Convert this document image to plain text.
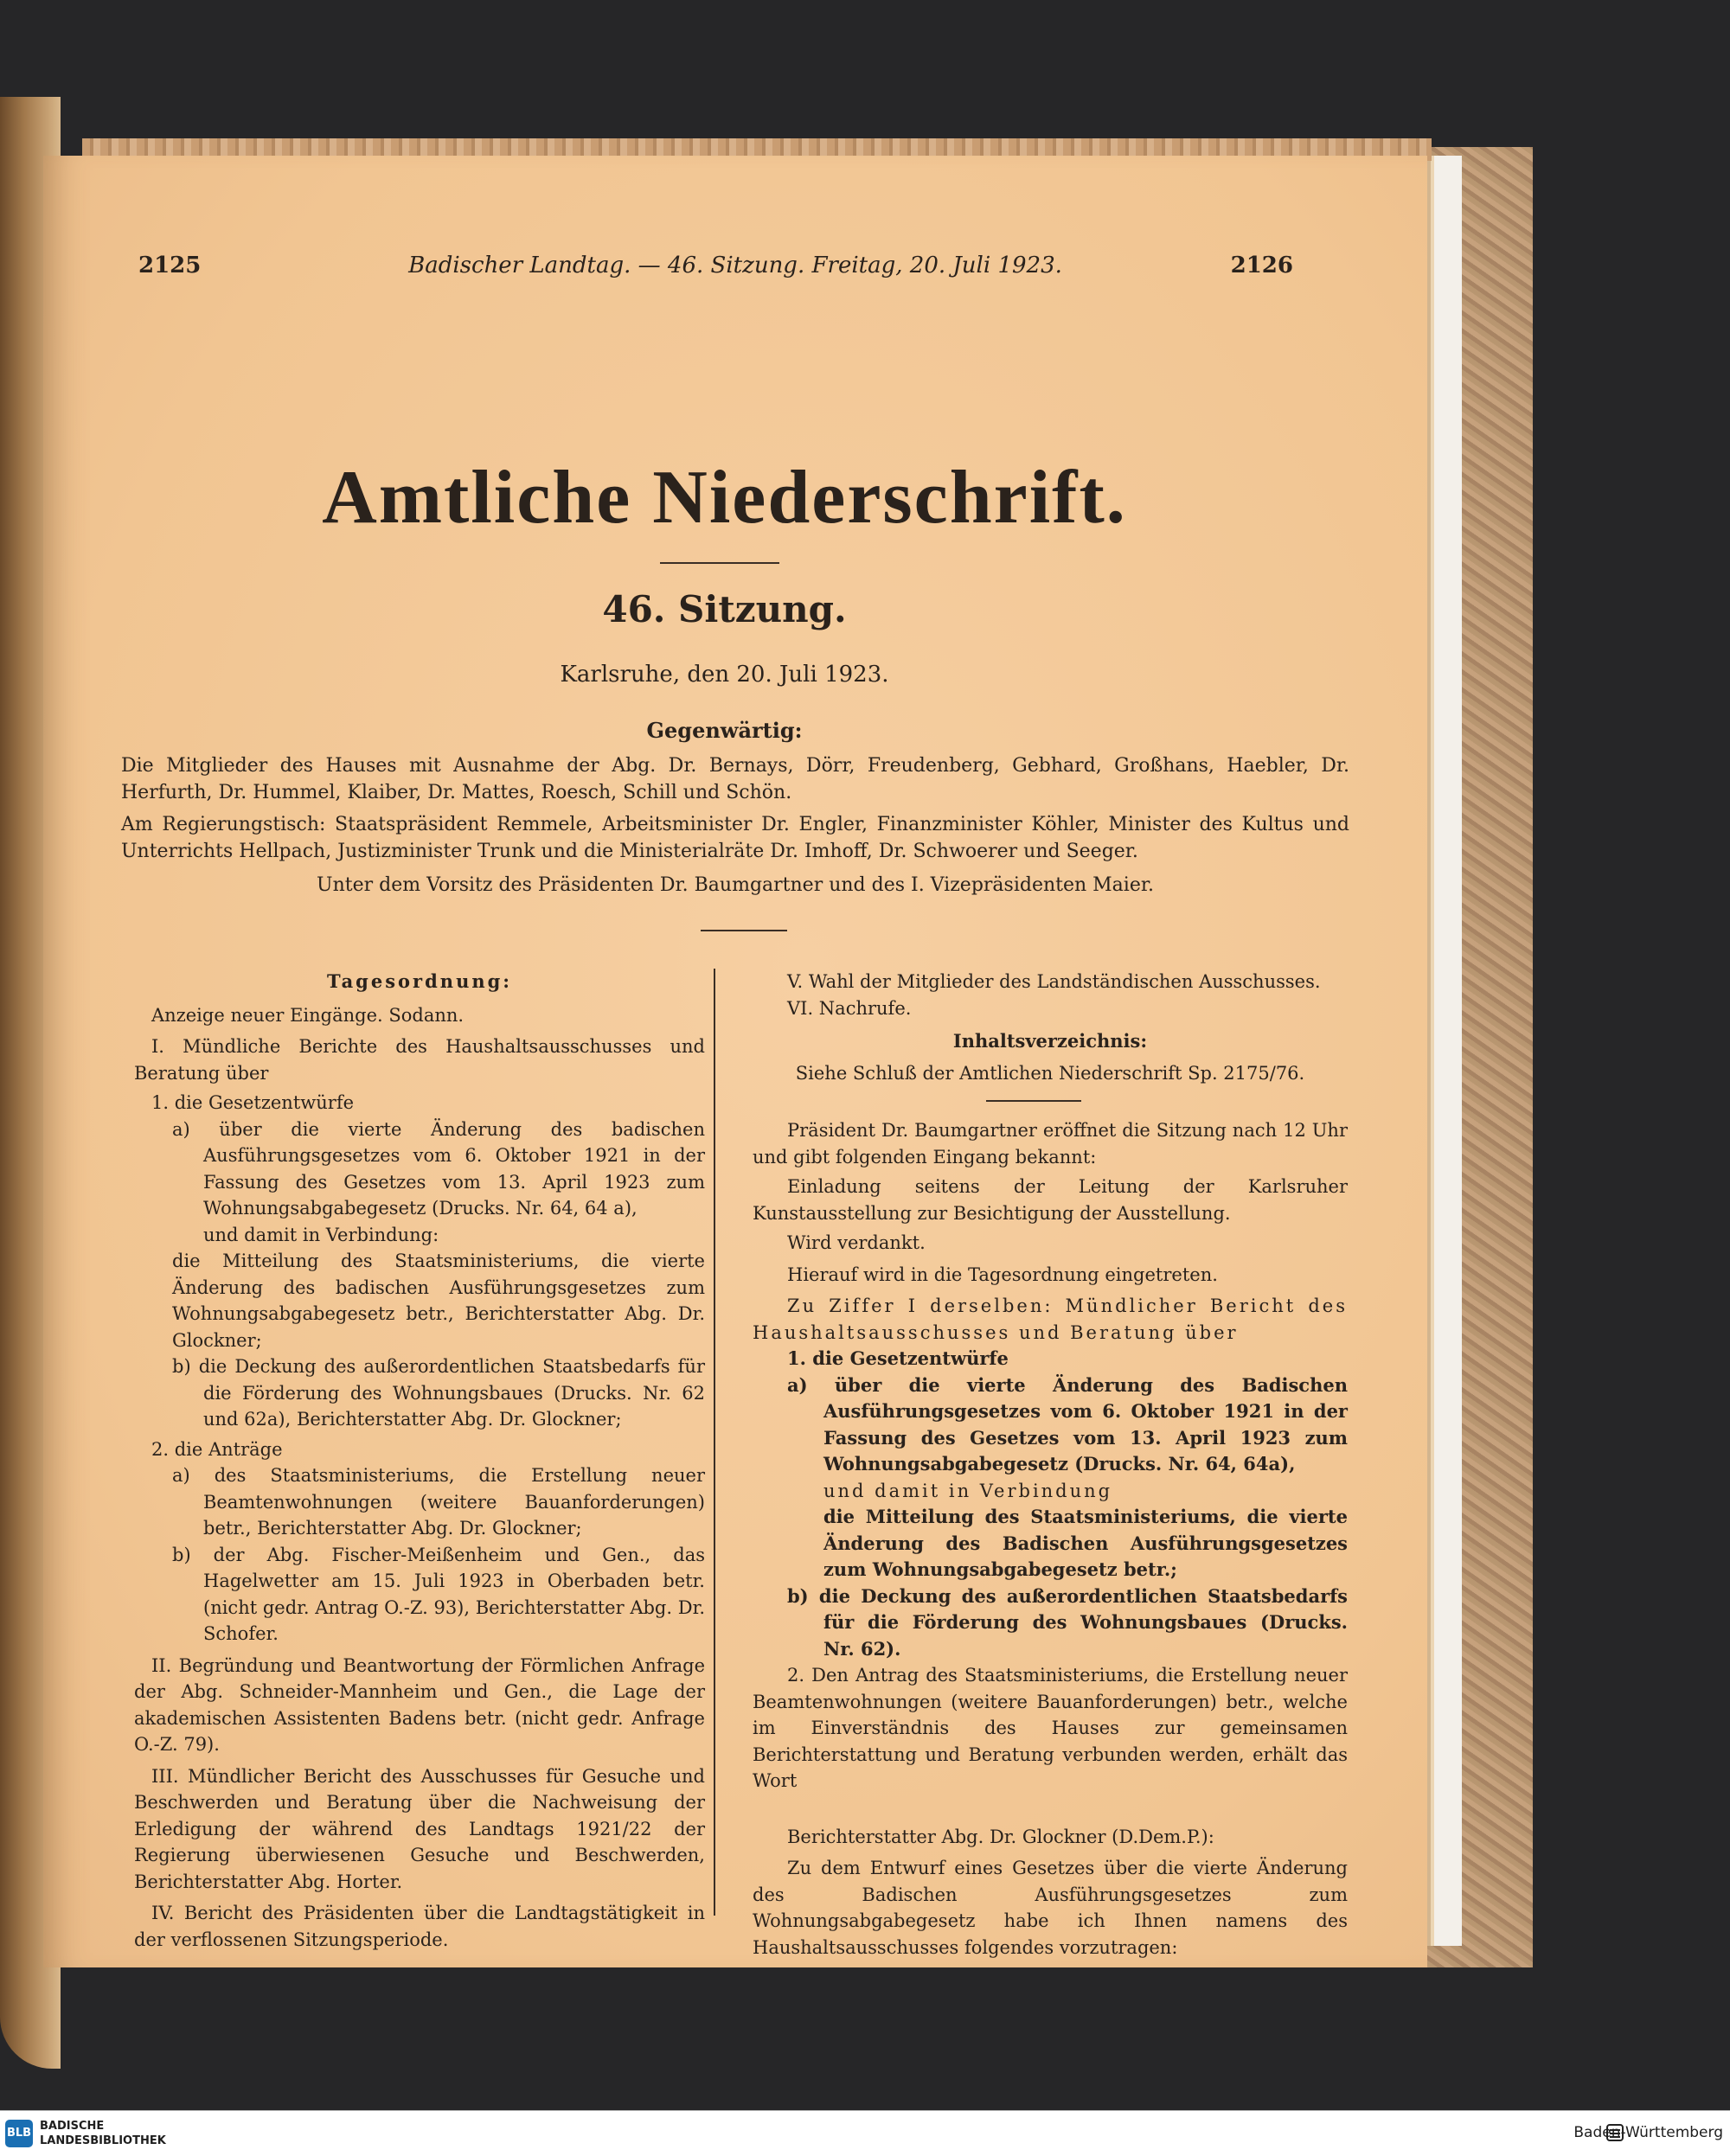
2125	Badischer Landtag. — 46. Sitzung. Freitag, 20. Juli 1923.	2126
Amtliche Niederschrift.
46. Sitzung.
Karlsruhe, den 20. Juli 1923.
Gegenwärtig:
Die Mitglieder des Hauses mit Ausnahme der Abg. Dr. Bernays, Dörr, Freudenberg, Gebhard, Großhans, Haebler, Dr. Herfurth, Dr. Hummel, Klaiber, Dr. Mattes, Roesch, Schill und Schön.
Am Regierungstisch: Staatspräsident Remmele, Arbeitsminister Dr. Engler, Finanzminister Köhler, Minister des Kultus und Unterrichts Hellpach, Justizminister Trunk und die Ministerialräte Dr. Imhoff, Dr. Schwoerer und Seeger.
Unter dem Vorsitz des Präsidenten Dr. Baumgartner und des I. Vizepräsidenten Maier.

Tagesordnung:

Anzeige neuer Eingänge. Sodann.

I. Mündliche Berichte des Haushaltsausschusses und Beratung über

1. die Gesetzentwürfe

a) über die vierte Änderung des badischen Ausführungsgesetzes vom 6. Oktober 1921 in der Fassung des Gesetzes vom 13. April 1923 zum Wohnungsabgabegesetz (Drucks. Nr. 64, 64 a),

und damit in Verbindung:

die Mitteilung des Staatsministeriums, die vierte Änderung des badischen Ausführungsgesetzes zum Wohnungsabgabegesetz betr., Berichterstatter Abg. Dr. Glockner;

b) die Deckung des außerordentlichen Staatsbedarfs für die Förderung des Wohnungsbaues (Drucks. Nr. 62 und 62a), Berichterstatter Abg. Dr. Glockner;

2. die Anträge

a) des Staatsministeriums, die Erstellung neuer Beamtenwohnungen (weitere Bauanforderungen) betr., Berichterstatter Abg. Dr. Glockner;

b) der Abg. Fischer-Meißenheim und Gen., das Hagelwetter am 15. Juli 1923 in Oberbaden betr. (nicht gedr. Antrag O.-Z. 93), Berichterstatter Abg. Dr. Schofer.

II. Begründung und Beantwortung der Förmlichen Anfrage der Abg. Schneider-Mannheim und Gen., die Lage der akademischen Assistenten Badens betr. (nicht gedr. Anfrage O.-Z. 79).

III. Mündlicher Bericht des Ausschusses für Gesuche und Beschwerden und Beratung über die Nachweisung der Erledigung der während des Landtags 1921/22 der Regierung überwiesenen Gesuche und Beschwerden, Berichterstatter Abg. Horter.

IV. Bericht des Präsidenten über die Landtagstätigkeit in der verflossenen Sitzungsperiode.

V. Wahl der Mitglieder des Landständischen Ausschusses.

VI. Nachrufe.

Inhaltsverzeichnis:

Siehe Schluß der Amtlichen Niederschrift Sp. 2175/76.

Präsident Dr. Baumgartner eröffnet die Sitzung nach 12 Uhr und gibt folgenden Eingang bekannt:

Einladung seitens der Leitung der Karlsruher Kunstausstellung zur Besichtigung der Ausstellung.

Wird verdankt.

Hierauf wird in die Tagesordnung eingetreten.

Zu Ziffer I derselben: Mündlicher Bericht des Haushaltsausschusses und Beratung über

1. die Gesetzentwürfe

a) über die vierte Änderung des Badischen Ausführungsgesetzes vom 6. Oktober 1921 in der Fassung des Gesetzes vom 13. April 1923 zum Wohnungsabgabegesetz (Drucks. Nr. 64, 64a),

und damit in Verbindung

die Mitteilung des Staatsministeriums, die vierte Änderung des Badischen Ausführungsgesetzes zum Wohnungsabgabegesetz betr.;

b) die Deckung des außerordentlichen Staatsbedarfs für die Förderung des Wohnungsbaues (Drucks. Nr. 62).

2. Den Antrag des Staatsministeriums, die Erstellung neuer Beamtenwohnungen (weitere Bauanforderungen) betr., welche im Einverständnis des Hauses zur gemeinsamen Berichterstattung und Beratung verbunden werden, erhält das Wort

Berichterstatter Abg. Dr. Glockner (D.Dem.P.):

Zu dem Entwurf eines Gesetzes über die vierte Änderung des Badischen Ausführungsgesetzes zum Wohnungsabgabegesetz habe ich Ihnen namens des Haushaltsausschusses folgendes vorzutragen:

BLB
BADISCHE
LANDESBIBLIOTHEK	Baden-Württemberg
